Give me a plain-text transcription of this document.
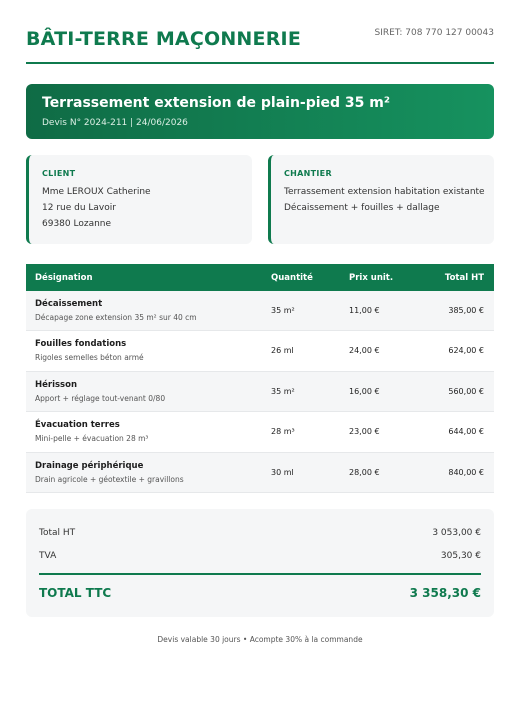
BÂTI-TERRE MAÇONNERIE	SIRET: 708 770 127 00043
Terrassement extension de plain-pied 35 m²
Devis N° 2024-211 | 24/06/2026
CLIENT
Mme LEROUX Catherine
12 rue du Lavoir
69380 Lozanne
CHANTIER
Terrassement extension habitation existante
Décaissement + fouilles + dallage
Désignation	Quantité	Prix unit.	Total HT
Décaissement
Décapage zone extension 35 m² sur 40 cm
35 m²	11,00 €	385,00 €
Fouilles fondations
Rigoles semelles béton armé
26 ml	24,00 €	624,00 €
Hérisson
Apport + réglage tout-venant 0/80
35 m²	16,00 €	560,00 €
Évacuation terres
Mini-pelle + évacuation 28 m³
28 m³	23,00 €	644,00 €
Drainage périphérique
Drain agricole + géotextile + gravillons
30 ml	28,00 €	840,00 €
Total HT	3 053,00 €
TVA	305,30 €
TOTAL TTC	3 358,30 €
Devis valable 30 jours • Acompte 30% à la commande
